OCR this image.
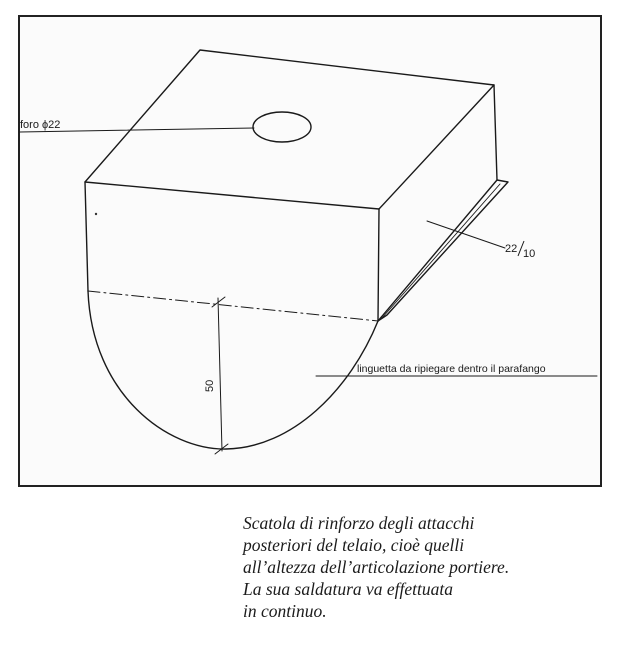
foro ϕ22
22 10
linguetta da ripiegare dentro il parafango
50
Scatola di rinforzo degli attacchi
posteriori del telaio, cioè quelli
all’altezza dell’articolazione portiere.
La sua saldatura va effettuata
in continuo.
